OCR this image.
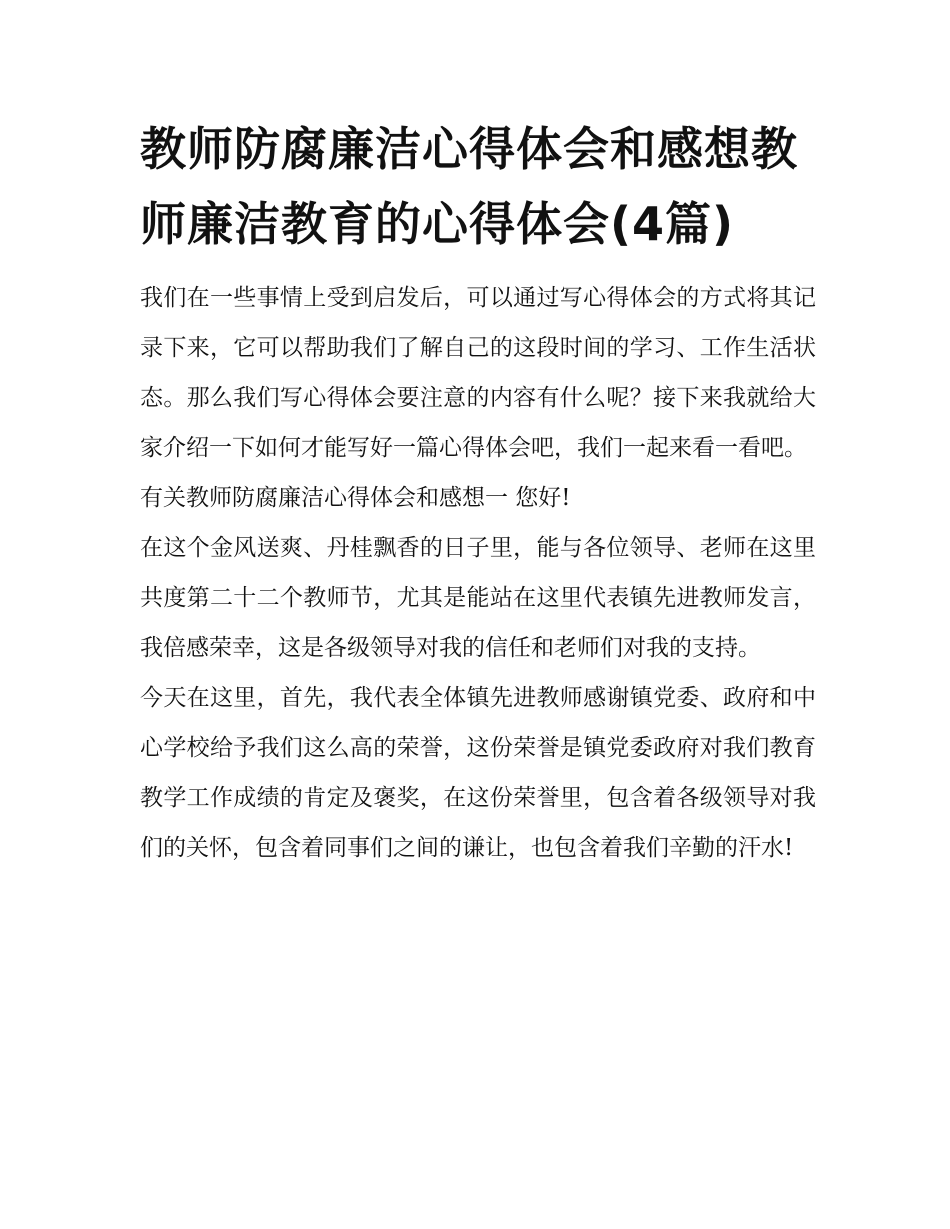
教师防腐廉洁心得体会和感想教师廉洁教育的心得体会(4篇)

我们在一些事情上受到启发后，可以通过写心得体会的方式将其记录下来，它可以帮助我们了解自己的这段时间的学习、工作生活状态。那么我们写心得体会要注意的内容有什么呢？接下来我就给大家介绍一下如何才能写好一篇心得体会吧，我们一起来看一看吧。

有关教师防腐廉洁心得体会和感想一 您好!

在这个金风送爽、丹桂飘香的日子里，能与各位领导、老师在这里共度第二十二个教师节，尤其是能站在这里代表镇先进教师发言，我倍感荣幸，这是各级领导对我的信任和老师们对我的支持。

今天在这里，首先，我代表全体镇先进教师感谢镇党委、政府和中心学校给予我们这么高的荣誉，这份荣誉是镇党委政府对我们教育教学工作成绩的肯定及褒奖，在这份荣誉里，包含着各级领导对我们的关怀，包含着同事们之间的谦让，也包含着我们辛勤的汗水!
